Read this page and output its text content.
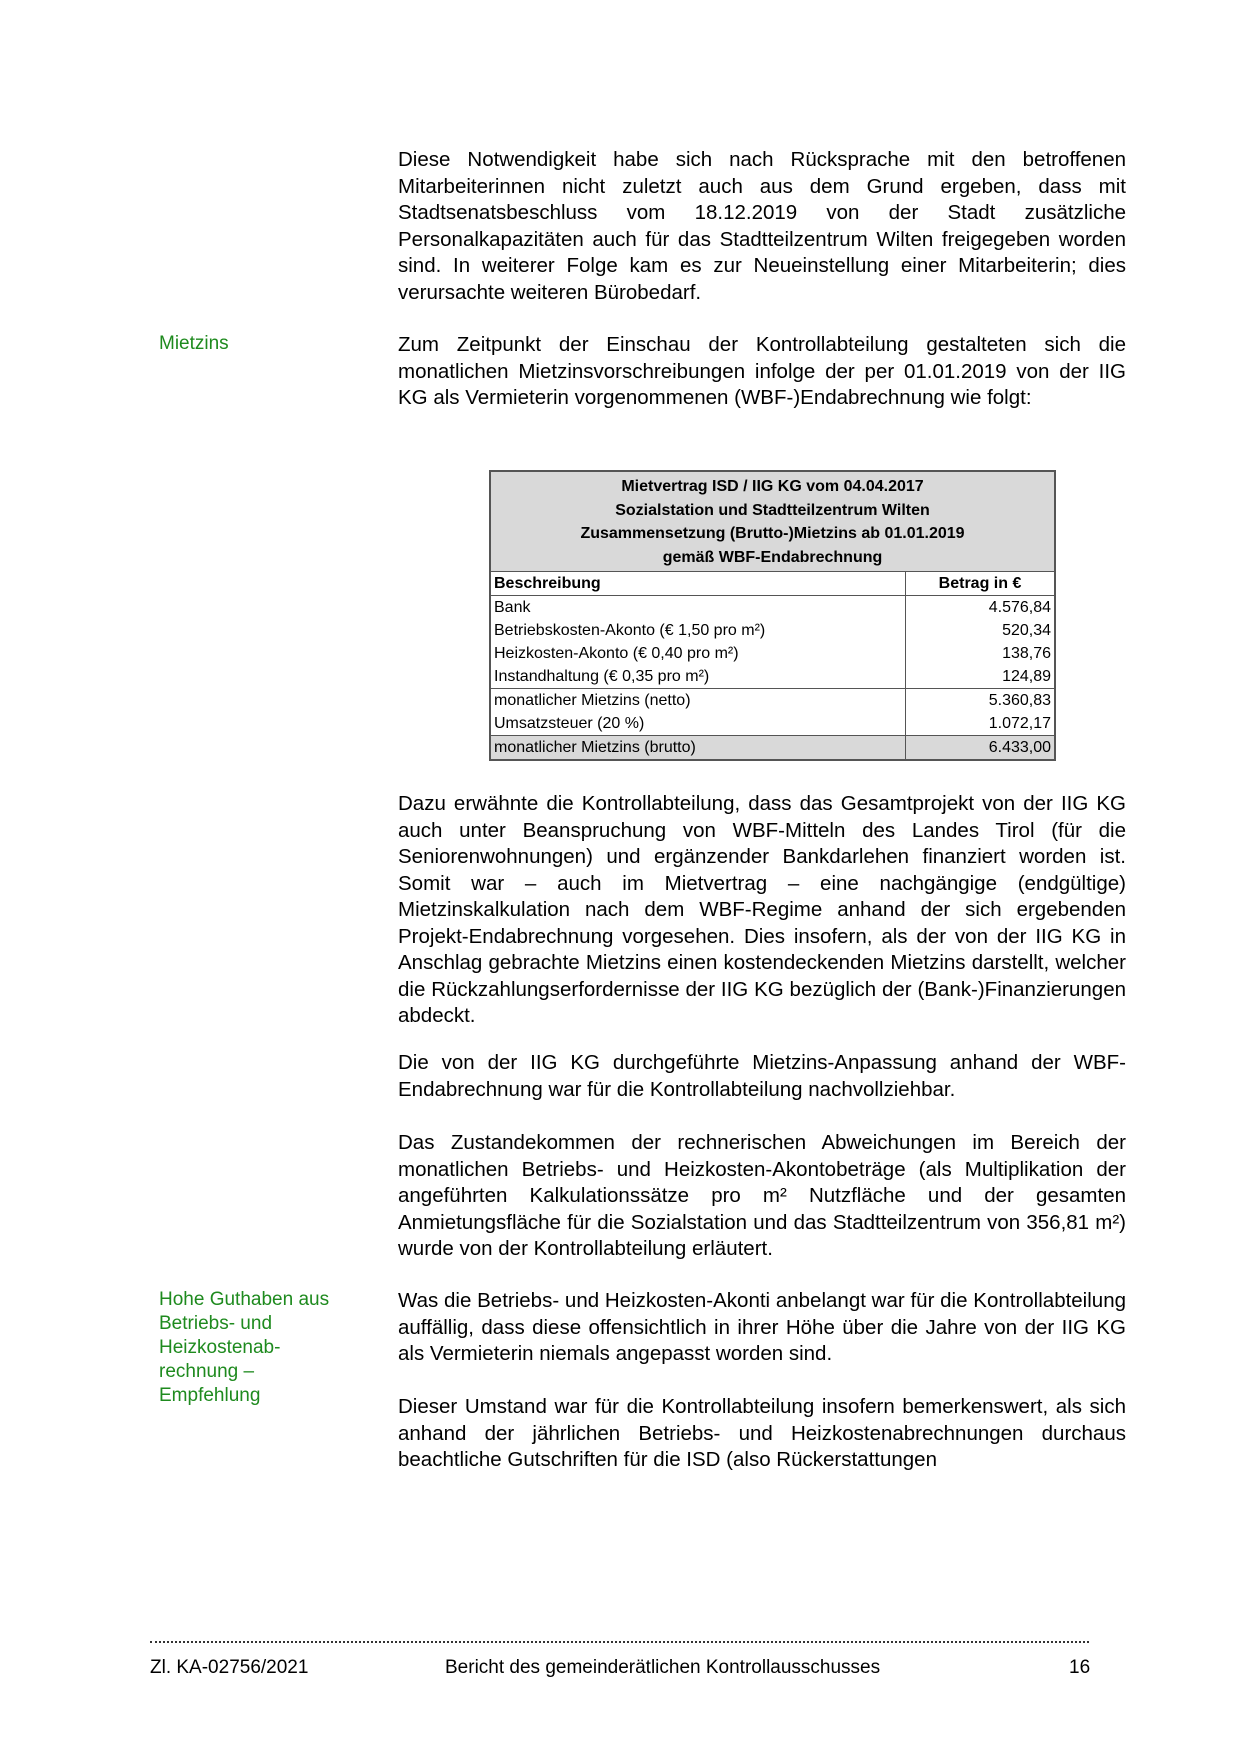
Diese Notwendigkeit habe sich nach Rücksprache mit den betroffenen Mitarbeiterinnen nicht zuletzt auch aus dem Grund ergeben, dass mit Stadtsenatsbeschluss vom 18.12.2019 von der Stadt zusätzliche Personalkapazitäten auch für das Stadtteilzentrum Wilten freigegeben worden sind. In weiterer Folge kam es zur Neueinstellung einer Mitarbeiterin; dies verursachte weiteren Bürobedarf.

Mietzins	Zum Zeitpunkt der Einschau der Kontrollabteilung gestalteten sich die monatlichen Mietzinsvorschreibungen infolge der per 01.01.2019 von der IIG KG als Vermieterin vorgenommenen (WBF-)Endabrechnung wie folgt:

Mietvertrag ISD / IIG KG vom 04.04.2017
Sozialstation und Stadtteilzentrum Wilten
Zusammensetzung (Brutto-)Mietzins ab 01.01.2019
gemäß WBF-Endabrechnung
Beschreibung	Betrag in €
Bank	4.576,84
Betriebskosten-Akonto (€ 1,50 pro m²)	520,34
Heizkosten-Akonto (€ 0,40 pro m²)	138,76
Instandhaltung (€ 0,35 pro m²)	124,89
monatlicher Mietzins (netto)	5.360,83
Umsatzsteuer (20 %)	1.072,17
monatlicher Mietzins (brutto)	6.433,00

Dazu erwähnte die Kontrollabteilung, dass das Gesamtprojekt von der IIG KG auch unter Beanspruchung von WBF-Mitteln des Landes Tirol (für die Seniorenwohnungen) und ergänzender Bankdarlehen finanziert worden ist. Somit war – auch im Mietvertrag – eine nachgängige (endgültige) Mietzinskalkulation nach dem WBF-Regime anhand der sich ergebenden Projekt-Endabrechnung vorgesehen. Dies insofern, als der von der IIG KG in Anschlag gebrachte Mietzins einen kostendeckenden Mietzins darstellt, welcher die Rückzahlungserfordernisse der IIG KG bezüglich der (Bank-)Finanzierungen abdeckt.

Die von der IIG KG durchgeführte Mietzins-Anpassung anhand der WBF-Endabrechnung war für die Kontrollabteilung nachvollziehbar.

Das Zustandekommen der rechnerischen Abweichungen im Bereich der monatlichen Betriebs- und Heizkosten-Akontobeträge (als Multiplikation der angeführten Kalkulationssätze pro m² Nutzfläche und der gesamten Anmietungsfläche für die Sozialstation und das Stadtteilzentrum von 356,81 m²) wurde von der Kontrollabteilung erläutert.

Hohe Guthaben aus Betriebs- und Heizkostenab-rechnung – Empfehlung

Was die Betriebs- und Heizkosten-Akonti anbelangt war für die Kontrollabteilung auffällig, dass diese offensichtlich in ihrer Höhe über die Jahre von der IIG KG als Vermieterin niemals angepasst worden sind.

Dieser Umstand war für die Kontrollabteilung insofern bemerkenswert, als sich anhand der jährlichen Betriebs- und Heizkostenabrechnungen durchaus beachtliche Gutschriften für die ISD (also Rückerstattungen

Zl. KA-02756/2021	Bericht des gemeinderätlichen Kontrollausschusses	16
